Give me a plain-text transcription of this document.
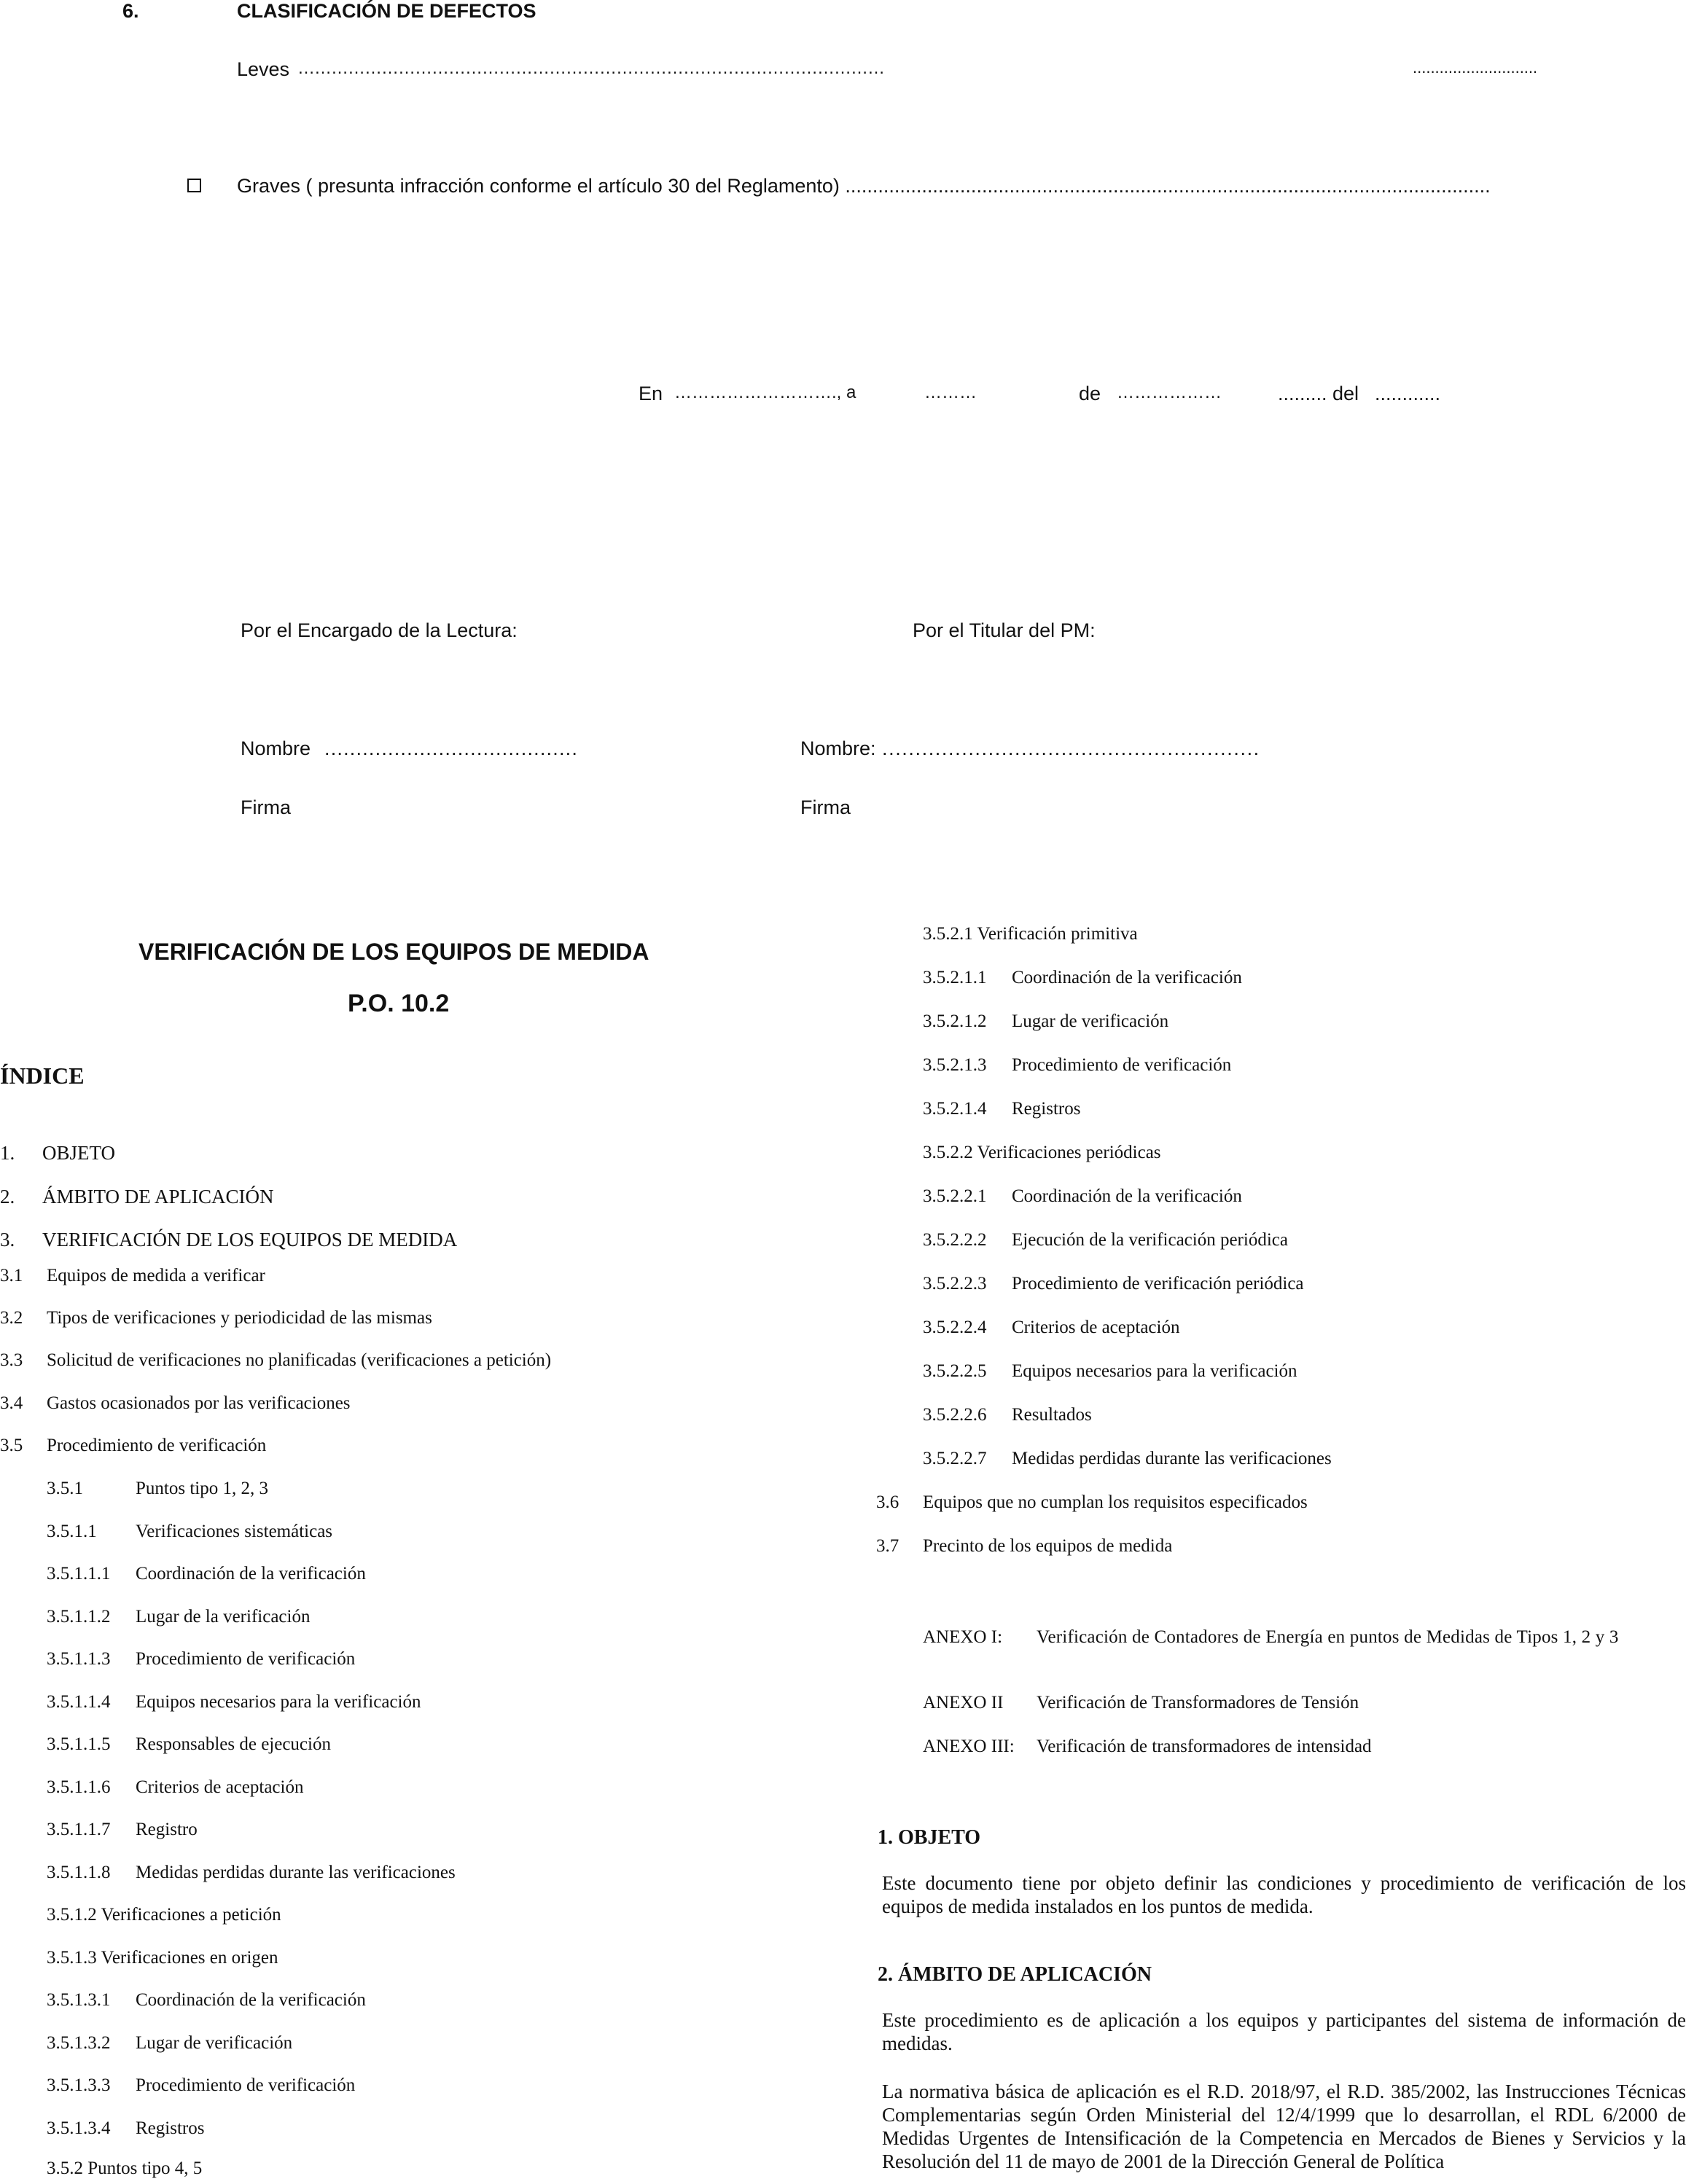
6.	CLASIFICACIÓN DE DEFECTOS
Leves ……………………………………………………………………………………………	............................
Graves ( presunta infracción conforme el artículo 30 del Reglamento) ......................................................................................................................
En ………………………., a	………	de ………………	......... del ............
Por el Encargado de la Lectura:	Por el Titular del PM:
Nombre ........................................	Nombre: .........................................................
Firma	Firma
VERIFICACIÓN DE LOS EQUIPOS DE MEDIDA
P.O. 10.2
ÍNDICE
1. OBJETO
2. ÁMBITO DE APLICACIÓN
3. VERIFICACIÓN DE LOS EQUIPOS DE MEDIDA
3.1 Equipos de medida a verificar
3.2 Tipos de verificaciones y periodicidad de las mismas
3.3 Solicitud de verificaciones no planificadas (verificaciones a petición)
3.4 Gastos ocasionados por las verificaciones
3.5 Procedimiento de verificación
3.5.1	Puntos tipo 1, 2, 3
3.5.1.1 Verificaciones sistemáticas
3.5.1.1.1 Coordinación de la verificación
3.5.1.1.2 Lugar de la verificación
3.5.1.1.3 Procedimiento de verificación
3.5.1.1.4 Equipos necesarios para la verificación
3.5.1.1.5 Responsables de ejecución
3.5.1.1.6 Criterios de aceptación
3.5.1.1.7 Registro
3.5.1.1.8 Medidas perdidas durante las verificaciones
3.5.1.2 Verificaciones a petición
3.5.1.3 Verificaciones en origen
3.5.1.3.1 Coordinación de la verificación
3.5.1.3.2 Lugar de verificación
3.5.1.3.3 Procedimiento de verificación
3.5.1.3.4 Registros
3.5.2 Puntos tipo 4, 5
3.5.2.1 Verificación primitiva
3.5.2.1.1 Coordinación de la verificación
3.5.2.1.2 Lugar de verificación
3.5.2.1.3 Procedimiento de verificación
3.5.2.1.4 Registros
3.5.2.2 Verificaciones periódicas
3.5.2.2.1 Coordinación de la verificación
3.5.2.2.2 Ejecución de la verificación periódica
3.5.2.2.3 Procedimiento de verificación periódica
3.5.2.2.4 Criterios de aceptación
3.5.2.2.5 Equipos necesarios para la verificación
3.5.2.2.6 Resultados
3.5.2.2.7 Medidas perdidas durante las verificaciones
3.6 Equipos que no cumplan los requisitos especificados
3.7 Precinto de los equipos de medida
ANEXO I: Verificación de Contadores de Energía en puntos de Medidas de Tipos 1, 2 y 3
ANEXO II Verificación de Transformadores de Tensión
ANEXO III: Verificación de transformadores de intensidad
1. OBJETO
Este documento tiene por objeto definir las condiciones y procedimiento de verificación de los equipos de medida instalados en los puntos de medida.
2. ÁMBITO DE APLICACIÓN
Este procedimiento es de aplicación a los equipos y participantes del sistema de información de medidas.
La normativa básica de aplicación es el R.D. 2018/97, el R.D. 385/2002, las Instrucciones Técnicas Complementarias según Orden Ministerial del 12/4/1999 que lo desarrollan, el RDL 6/2000 de Medidas Urgentes de Intensificación de la Competencia en Mercados de Bienes y Servicios y la Resolución del 11 de mayo de 2001 de la Dirección General de Política
